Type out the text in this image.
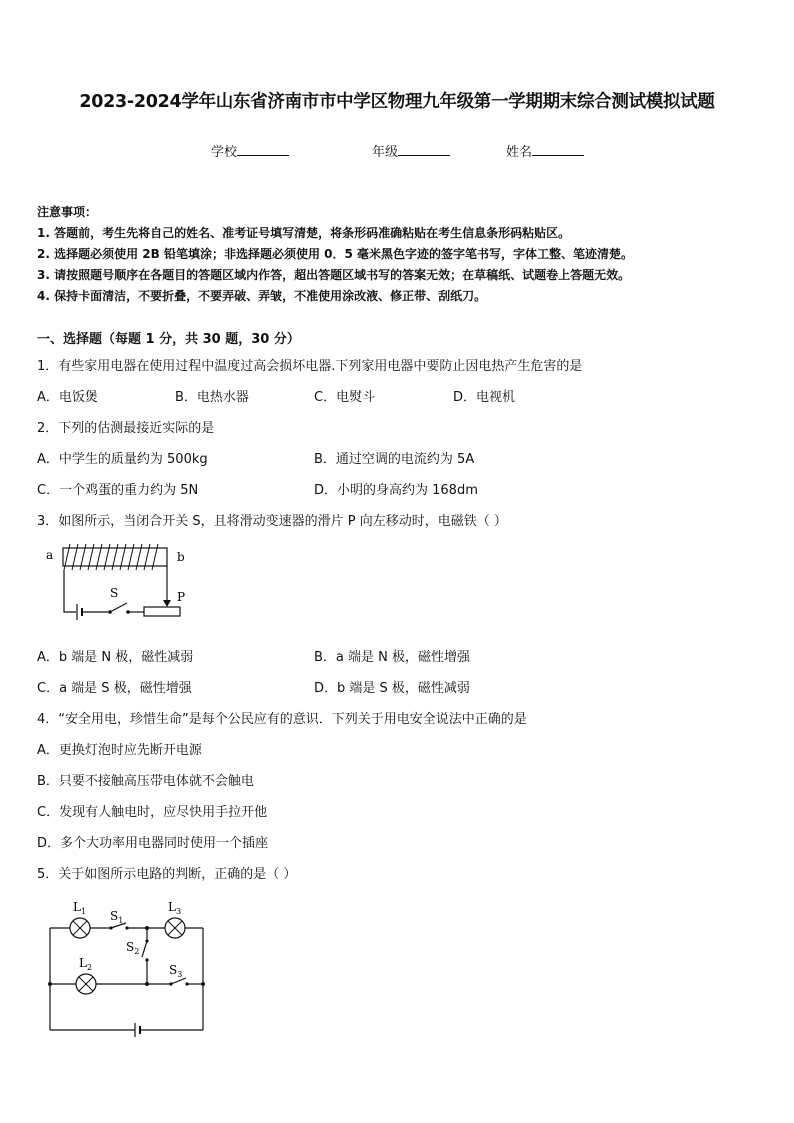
2023-2024学年山东省济南市市中学区物理九年级第一学期期末综合测试模拟试题
学校	年级	姓名
注意事项：
1. 答题前，考生先将自己的姓名、准考证号填写清楚，将条形码准确粘贴在考生信息条形码粘贴区。
2. 选择题必须使用 2B 铅笔填涂；非选择题必须使用 0．5 毫米黑色字迹的签字笔书写，字体工整、笔迹清楚。
3. 请按照题号顺序在各题目的答题区域内作答，超出答题区域书写的答案无效；在草稿纸、试题卷上答题无效。
4. 保持卡面清洁，不要折叠，不要弄破、弄皱，不准使用涂改液、修正带、刮纸刀。
一、选择题（每题 1 分，共 30 题，30 分）
1．有些家用电器在使用过程中温度过高会损坏电器.下列家用电器中要防止因电热产生危害的是
A．电饭煲	B．电热水器	C．电熨斗	D．电视机
2．下列的估测最接近实际的是
A．中学生的质量约为 500kg	B．通过空调的电流约为 5A
C．一个鸡蛋的重力约为 5N	D．小明的身高约为 168dm
3．如图所示，当闭合开关 S，且将滑动变速器的滑片 P 向左移动时，电磁铁（ ）
a	b
S	P
A．b 端是 N 极，磁性减弱	B．a 端是 N 极，磁性增强
C．a 端是 S 极，磁性增强	D．b 端是 S 极，磁性减弱
4．“安全用电，珍惜生命”是每个公民应有的意识．下列关于用电安全说法中正确的是
A．更换灯泡时应先断开电源
B．只要不接触高压带电体就不会触电
C．发现有人触电时，应尽快用手拉开他
D．多个大功率用电器同时使用一个插座
5．关于如图所示电路的判断，正确的是（ ）
$L_1$ $S_1$
$L_3$
$S_2$
$L_2$	$S_3$
